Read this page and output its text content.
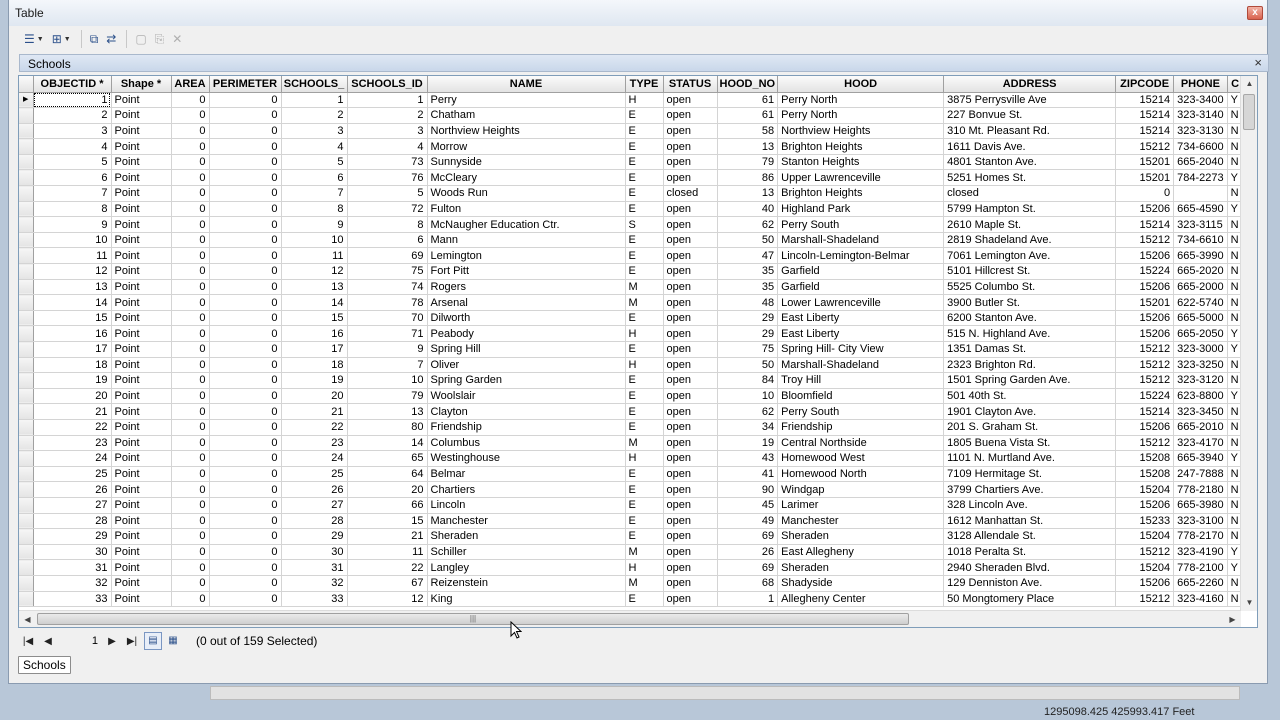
Table	x
☰ ▼ ⊞ ▼ ⧉ ⇄ ▢ ⎘ ✕
Schools	×
	OBJECTID *	Shape *	AREA	PERIMETER	SCHOOLS_	SCHOOLS_ID	NAME	TYPE	STATUS	HOOD_NO	HOOD	ADDRESS	ZIPCODE	PHONE	C
▶	1	Point	0	0	1	1	Perry	H	open	61	Perry North	3875 Perrysville Ave	15214	323-3400	Y
	2	Point	0	0	2	2	Chatham	E	open	61	Perry North	227 Bonvue St.	15214	323-3140	N
	3	Point	0	0	3	3	Northview Heights	E	open	58	Northview Heights	310 Mt. Pleasant Rd.	15214	323-3130	N
	4	Point	0	0	4	4	Morrow	E	open	13	Brighton Heights	1611 Davis Ave.	15212	734-6600	N
	5	Point	0	0	5	73	Sunnyside	E	open	79	Stanton Heights	4801 Stanton Ave.	15201	665-2040	N
	6	Point	0	0	6	76	McCleary	E	open	86	Upper Lawrenceville	5251 Homes St.	15201	784-2273	Y
	7	Point	0	0	7	5	Woods Run	E	closed	13	Brighton Heights	closed	0		N
	8	Point	0	0	8	72	Fulton	E	open	40	Highland Park	5799 Hampton St.	15206	665-4590	Y
	9	Point	0	0	9	8	McNaugher Education Ctr.	S	open	62	Perry South	2610 Maple St.	15214	323-3115	N
	10	Point	0	0	10	6	Mann	E	open	50	Marshall-Shadeland	2819 Shadeland Ave.	15212	734-6610	N
	11	Point	0	0	11	69	Lemington	E	open	47	Lincoln-Lemington-Belmar	7061 Lemington Ave.	15206	665-3990	N
	12	Point	0	0	12	75	Fort Pitt	E	open	35	Garfield	5101 Hillcrest St.	15224	665-2020	N
	13	Point	0	0	13	74	Rogers	M	open	35	Garfield	5525 Columbo St.	15206	665-2000	N
	14	Point	0	0	14	78	Arsenal	M	open	48	Lower Lawrenceville	3900 Butler St.	15201	622-5740	N
	15	Point	0	0	15	70	Dilworth	E	open	29	East Liberty	6200 Stanton Ave.	15206	665-5000	N
	16	Point	0	0	16	71	Peabody	H	open	29	East Liberty	515 N. Highland Ave.	15206	665-2050	Y
	17	Point	0	0	17	9	Spring Hill	E	open	75	Spring Hill- City View	1351 Damas St.	15212	323-3000	Y
	18	Point	0	0	18	7	Oliver	H	open	50	Marshall-Shadeland	2323 Brighton Rd.	15212	323-3250	N
	19	Point	0	0	19	10	Spring Garden	E	open	84	Troy Hill	1501 Spring Garden Ave.	15212	323-3120	N
	20	Point	0	0	20	79	Woolslair	E	open	10	Bloomfield	501 40th St.	15224	623-8800	Y
	21	Point	0	0	21	13	Clayton	E	open	62	Perry South	1901 Clayton Ave.	15214	323-3450	N
	22	Point	0	0	22	80	Friendship	E	open	34	Friendship	201 S. Graham St.	15206	665-2010	N
	23	Point	0	0	23	14	Columbus	M	open	19	Central Northside	1805 Buena Vista St.	15212	323-4170	N
	24	Point	0	0	24	65	Westinghouse	H	open	43	Homewood West	1101 N. Murtland Ave.	15208	665-3940	Y
	25	Point	0	0	25	64	Belmar	E	open	41	Homewood North	7109 Hermitage St.	15208	247-7888	N
	26	Point	0	0	26	20	Chartiers	E	open	90	Windgap	3799 Chartiers Ave.	15204	778-2180	N
	27	Point	0	0	27	66	Lincoln	E	open	45	Larimer	328 Lincoln Ave.	15206	665-3980	N
	28	Point	0	0	28	15	Manchester	E	open	49	Manchester	1612 Manhattan St.	15233	323-3100	N
	29	Point	0	0	29	21	Sheraden	E	open	69	Sheraden	3128 Allendale St.	15204	778-2170	N
	30	Point	0	0	30	11	Schiller	M	open	26	East Allegheny	1018 Peralta St.	15212	323-4190	Y
	31	Point	0	0	31	22	Langley	H	open	69	Sheraden	2940 Sheraden Blvd.	15204	778-2100	Y
	32	Point	0	0	32	67	Reizenstein	M	open	68	Shadyside	129 Denniston Ave.	15206	665-2260	N
	33	Point	0	0	33	12	King	E	open	1	Allegheny Center	50 Mongtomery Place	15212	323-4160	N
▲
▼
◀	|||	▶
|◀	◀	1	▶	▶|	▤	▦	(0 out of 159 Selected)
Schools
1295098.425 425993.417 Feet
